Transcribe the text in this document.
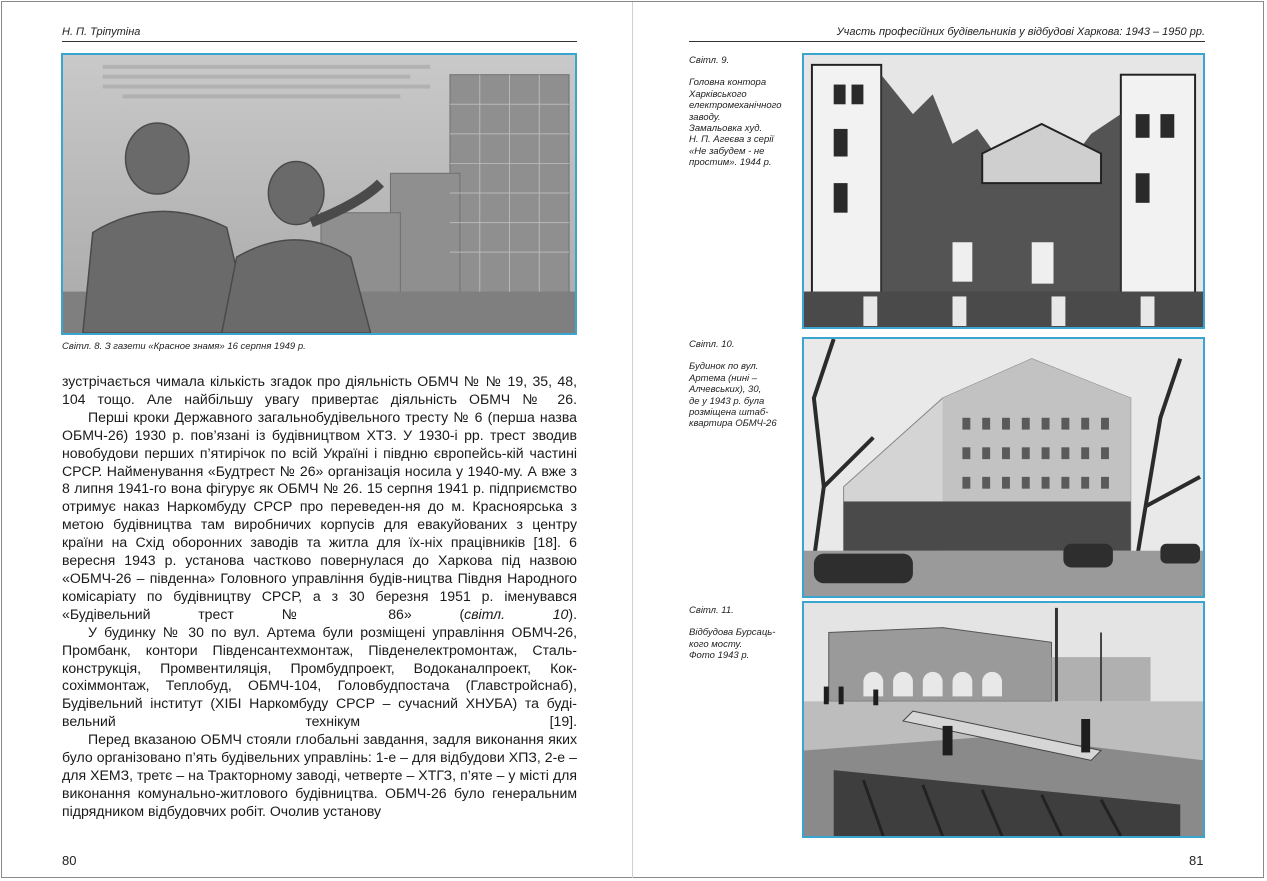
Н. П. Тріпутіна
Світл. 8. З газети «Красное знамя» 16 серпня 1949 р.

зустрічається чимала кількість згадок про діяльність ОБМЧ № № 19, 35, 48, 104 тощо. Але найбільшу увагу привертає діяльність ОБМЧ № 26.

Перші кроки Державного загальнобудівельного тресту № 6 (перша назва ОБМЧ-26) 1930 р. пов’язані із будівництвом ХТЗ. У 1930-і рр. трест зводив новобудови перших п’ятирічок по всій Україні і півдню європейсь-кій частині СРСР. Найменування «Будтрест № 26» організація носила у 1940-му. А вже з 8 липня 1941-го вона фігурує як ОБМЧ № 26. 15 серпня 1941 р. підприємство отримує наказ Наркомбуду СРСР про переведен-ня до м. Красноярська з метою будівництва там виробничих корпусів для евакуйованих з центру країни на Схід оборонних заводів та житла для їх-ніх працівників [18]. 6 вересня 1943 р. установа частково повернулася до Харкова під назвою «ОБМЧ-26 – південна» Головного управління будів-ництва Півдня Народного комісаріату по будівництву СРСР, а з 30 березня 1951 р. іменувався «Будівельний трест № 86» (світл. 10).

У будинку № 30 по вул. Артема були розміщені управління ОБМЧ-26, Промбанк, контори Південсантехмонтаж, Південелектромонтаж, Сталь-конструкція, Промвентиляція, Промбудпроект, Водоканалпроект, Кок-сохіммонтаж, Теплобуд, ОБМЧ-104, Головбудпостача (Главстройснаб), Будівельний інститут (ХІБІ Наркомбуду СРСР – сучасний ХНУБА) та буді-вельний технікум [19].

Перед вказаною ОБМЧ стояли глобальні завдання, задля виконання яких було організовано п’ять будівельних управлінь: 1-е – для відбудови ХПЗ, 2-е – для ХЕМЗ, третє – на Тракторному заводі, четверте – ХТГЗ, п’яте – у місті для виконання комунально-житлового будівництва. ОБМЧ-26 було генеральним підрядником відбудовчих робіт. Очолив установу

80
Участь професійних будівельників у відбудові Харкова: 1943 – 1950 рр.
Світл. 9.
Головна контора
Харківського
електромеханічного
заводу.
Замальовка худ.
Н. П. Агеєва з серії
«Не забудем - не
простим». 1944 р.
Світл. 10.
Будинок по вул.
Артема (нині –
Алчевських), 30,
де у 1943 р. була
розміщена штаб-
квартира ОБМЧ-26
Світл. 11.
Відбудова Бурсаць-
кого мосту.
Фото 1943 р.
81
